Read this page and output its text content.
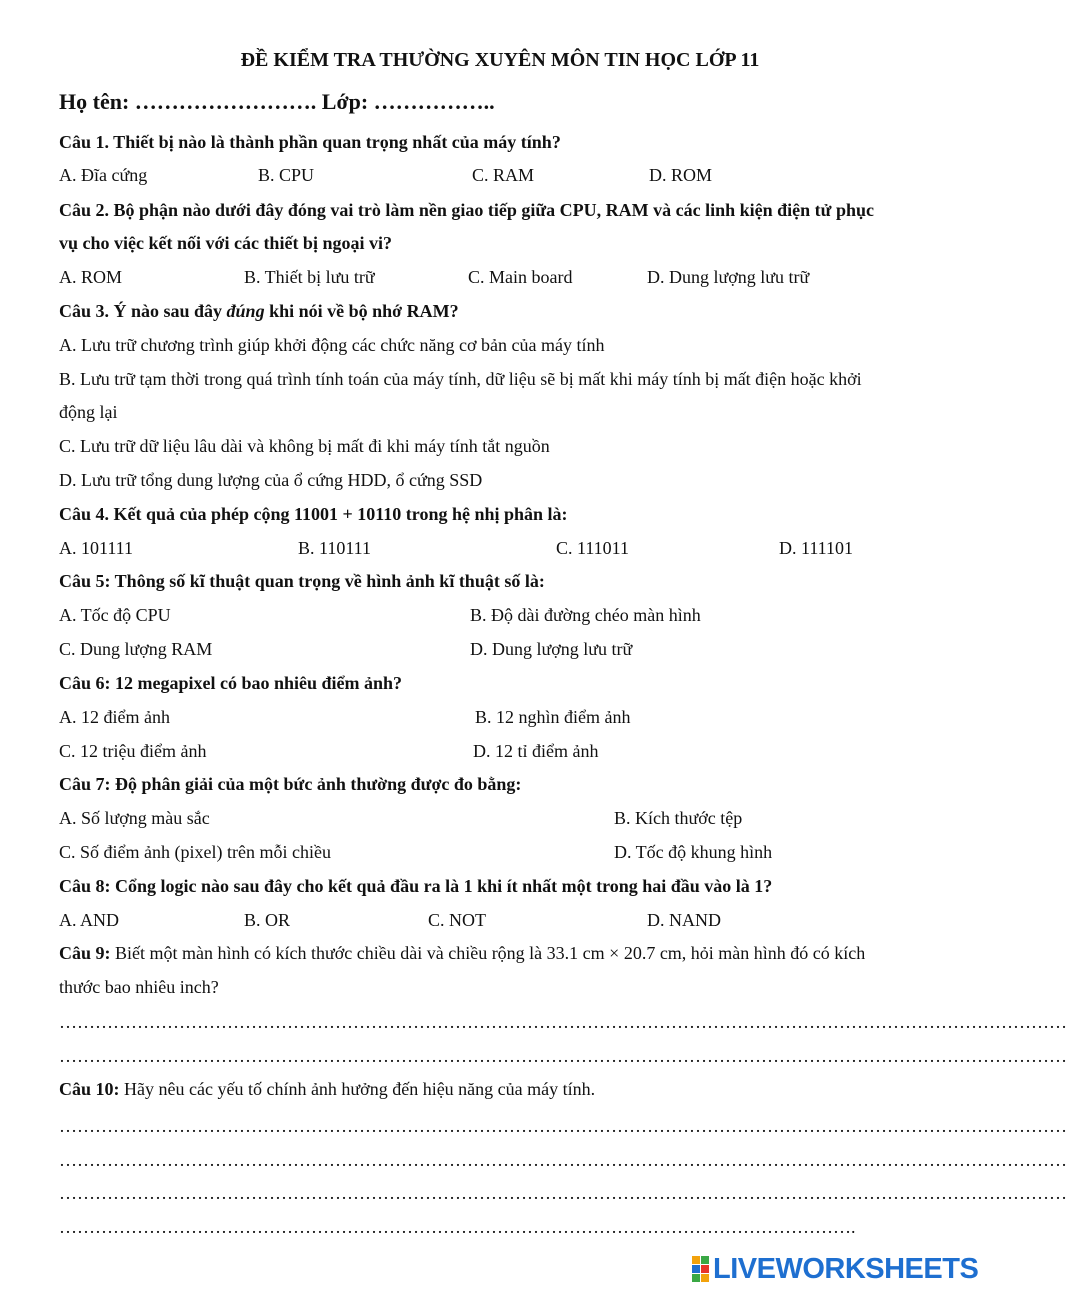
ĐỀ KIỂM TRA THƯỜNG XUYÊN MÔN TIN HỌC LỚP 11
Họ tên: ……………………. Lớp: ……………..
Câu 1. Thiết bị nào là thành phần quan trọng nhất của máy tính?
A. Đĩa cứng	B. CPU	C. RAM	D. ROM
Câu 2. Bộ phận nào dưới đây đóng vai trò làm nền giao tiếp giữa CPU, RAM và các linh kiện điện tử phục
vụ cho việc kết nối với các thiết bị ngoại vi?
A. ROM	B. Thiết bị lưu trữ	C. Main board	D. Dung lượng lưu trữ
Câu 3. Ý nào sau đây đúng khi nói về bộ nhớ RAM?
A. Lưu trữ chương trình giúp khởi động các chức năng cơ bản của máy tính
B. Lưu trữ tạm thời trong quá trình tính toán của máy tính, dữ liệu sẽ bị mất khi máy tính bị mất điện hoặc khởi
động lại
C. Lưu trữ dữ liệu lâu dài và không bị mất đi khi máy tính tắt nguồn
D. Lưu trữ tổng dung lượng của ổ cứng HDD, ổ cứng SSD
Câu 4. Kết quả của phép cộng 11001 + 10110 trong hệ nhị phân là:
A. 101111	B. 110111	C. 111011	D. 111101
Câu 5: Thông số kĩ thuật quan trọng về hình ảnh kĩ thuật số là:
A. Tốc độ CPU	B. Độ dài đường chéo màn hình
C. Dung lượng RAM	D. Dung lượng lưu trữ
Câu 6: 12 megapixel có bao nhiêu điểm ảnh?
A. 12 điểm ảnh	B. 12 nghìn điểm ảnh
C. 12 triệu điểm ảnh	D. 12 tỉ điểm ảnh
Câu 7: Độ phân giải của một bức ảnh thường được đo bằng:
A. Số lượng màu sắc	B. Kích thước tệp
C. Số điểm ảnh (pixel) trên mỗi chiều	D. Tốc độ khung hình
Câu 8: Cổng logic nào sau đây cho kết quả đầu ra là 1 khi ít nhất một trong hai đầu vào là 1?
A. AND	B. OR	C. NOT	D. NAND
Câu 9: Biết một màn hình có kích thước chiều dài và chiều rộng là 33.1 cm × 20.7 cm, hỏi màn hình đó có kích
thước bao nhiêu inch?
……………………………………………………………………………………………………………………………………………………
……………………………………………………………………………………………………………………………………………………
Câu 10: Hãy nêu các yếu tố chính ảnh hưởng đến hiệu năng của máy tính.
……………………………………………………………………………………………………………………………………………………
……………………………………………………………………………………………………………………………………………………
……………………………………………………………………………………………………………………………………………………
…………………………………………………………………………………………………………………….
LIVEWORKSHEETS
